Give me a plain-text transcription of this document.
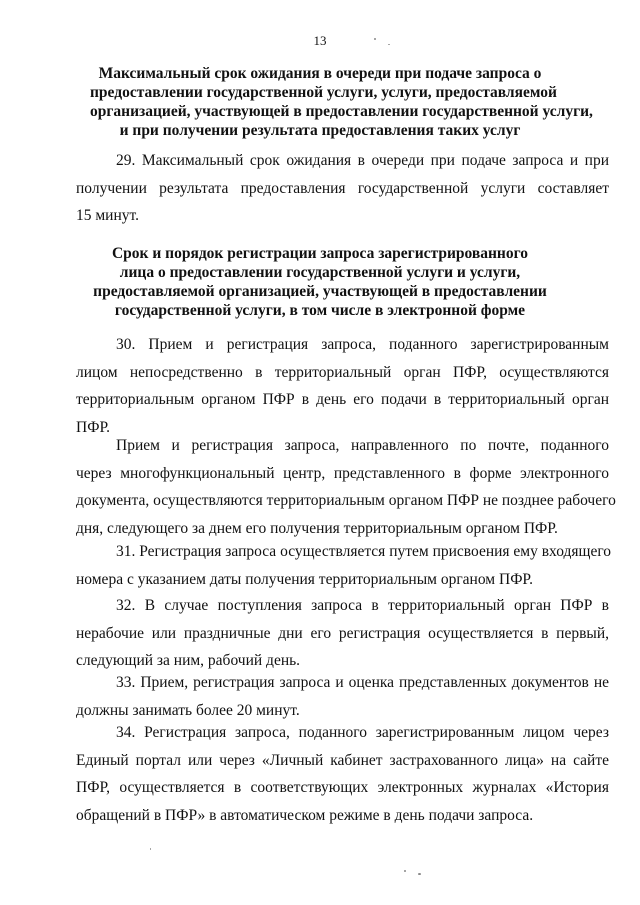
13
Максимальный срок ожидания в очереди при подаче запроса о
предоставлении государственной услуги, услуги, предоставляемой
организацией, участвующей в предоставлении государственной услуги,
и при получении результата предоставления таких услуг
29. Максимальный срок ожидания в очереди при подаче запроса и при
получении результата предоставления государственной услуги составляет
15 минут.
Срок и порядок регистрации запроса зарегистрированного
лица о предоставлении государственной услуги и услуги,
предоставляемой организацией, участвующей в предоставлении
государственной услуги, в том числе в электронной форме
30. Прием и регистрация запроса, поданного зарегистрированным
лицом непосредственно в территориальный орган ПФР, осуществляются
территориальным органом ПФР в день его подачи в территориальный орган
ПФР.
Прием и регистрация запроса, направленного по почте, поданного
через многофункциональный центр, представленного в форме электронного
документа, осуществляются территориальным органом ПФР не позднее рабочего
дня, следующего за днем его получения территориальным органом ПФР.
31. Регистрация запроса осуществляется путем присвоения ему входящего
номера с указанием даты получения территориальным органом ПФР.
32. В случае поступления запроса в территориальный орган ПФР в
нерабочие или праздничные дни его регистрация осуществляется в первый,
следующий за ним, рабочий день.
33. Прием, регистрация запроса и оценка представленных документов не
должны занимать более 20 минут.
34. Регистрация запроса, поданного зарегистрированным лицом через
Единый портал или через «Личный кабинет застрахованного лица» на сайте
ПФР, осуществляется в соответствующих электронных журналах «История
обращений в ПФР» в автоматическом режиме в день подачи запроса.
